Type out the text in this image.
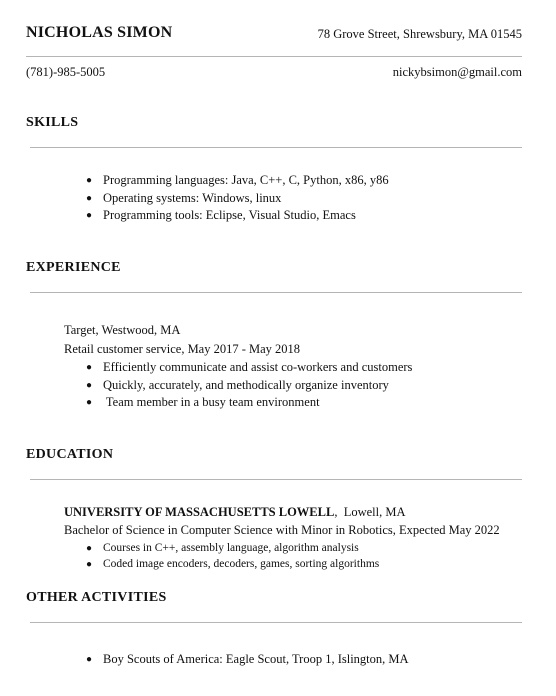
NICHOLAS SIMON	78 Grove Street, Shrewsbury, MA 01545
(781)-985-5005	nickybsimon@gmail.com
SKILLS
● Programming languages: Java, C++, C, Python, x86, y86
● Operating systems: Windows, linux
● Programming tools: Eclipse, Visual Studio, Emacs
EXPERIENCE
Target, Westwood, MA
Retail customer service, May 2017 - May 2018
● Efficiently communicate and assist co-workers and customers
● Quickly, accurately, and methodically organize inventory
● Team member in a busy team environment
EDUCATION
UNIVERSITY OF MASSACHUSETTS LOWELL,  Lowell, MA
Bachelor of Science in Computer Science with Minor in Robotics, Expected May 2022
● Courses in C++, assembly language, algorithm analysis
● Coded image encoders, decoders, games, sorting algorithms
OTHER ACTIVITIES
● Boy Scouts of America: Eagle Scout, Troop 1, Islington, MA
